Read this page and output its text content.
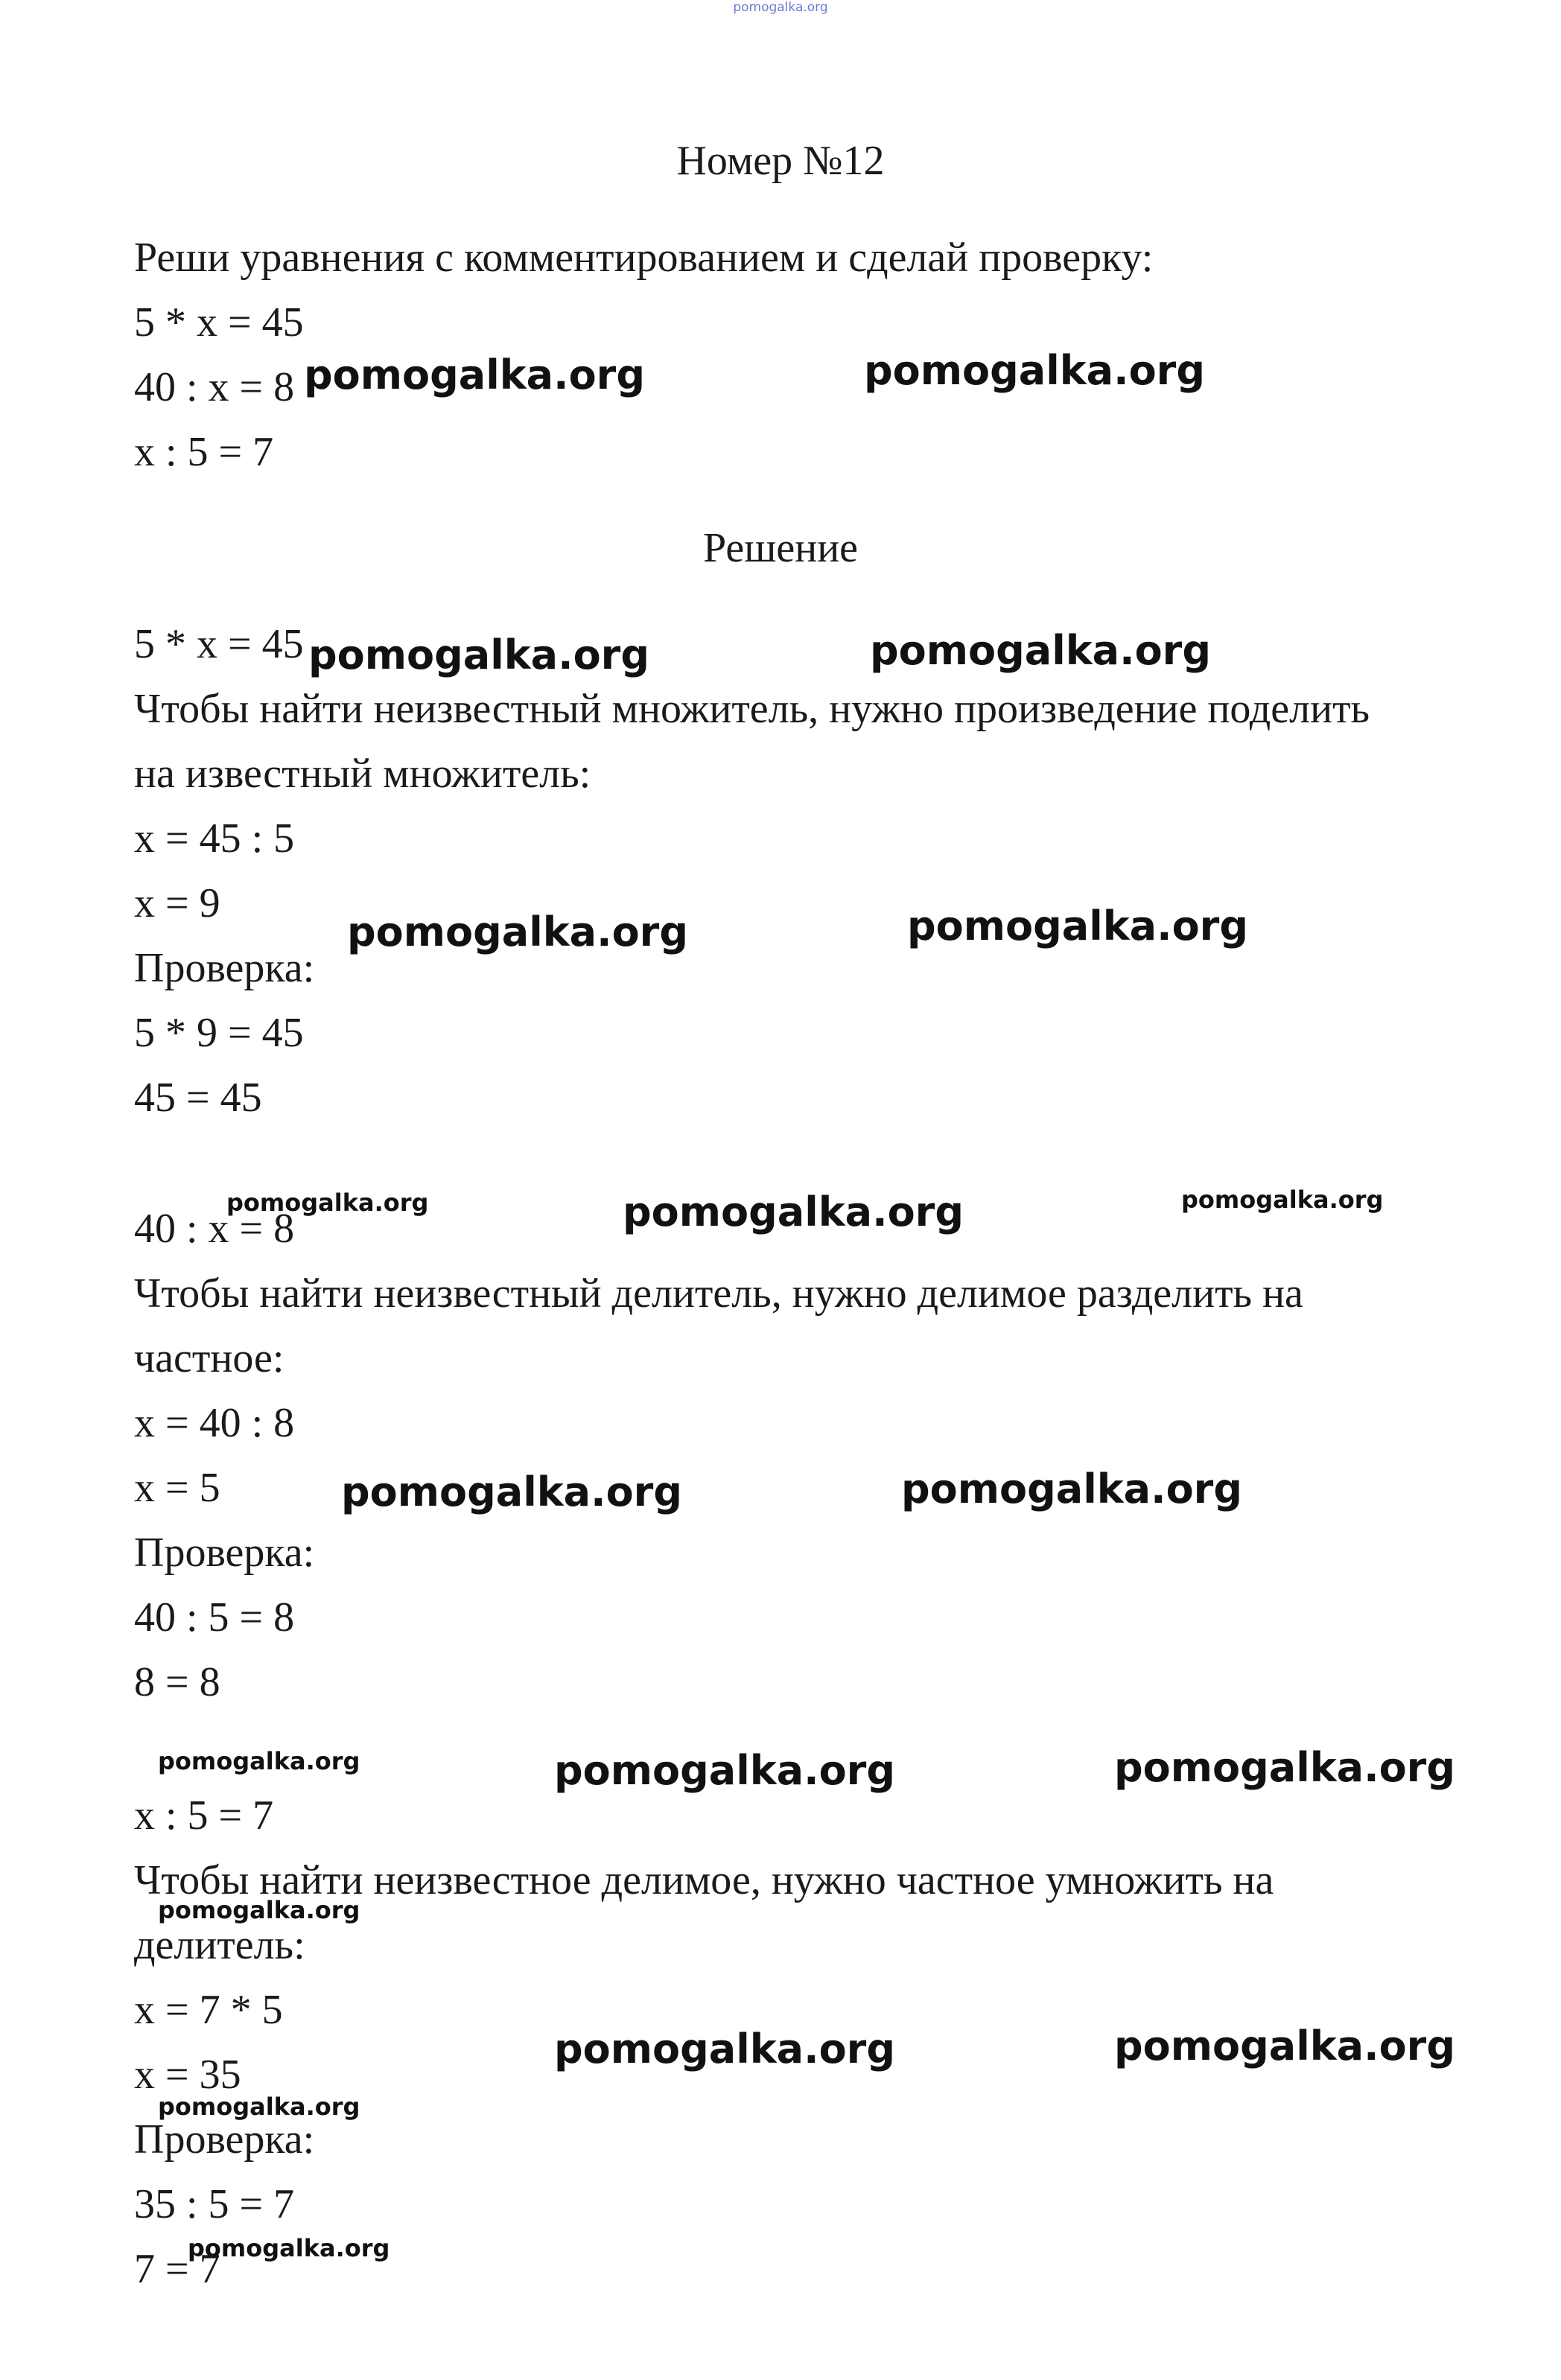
pomogalka.org

Номер №12

Реши уравнения с комментированием и сделай проверку:

5 * x = 45

40 : x = 8

x : 5 = 7

Решение

5 * x = 45

Чтобы найти неизвестный множитель, нужно произведение поделить

на известный множитель:

x = 45 : 5

x = 9

Проверка:

5 * 9 = 45

45 = 45

40 : x = 8

Чтобы найти неизвестный делитель, нужно делимое разделить на

частное:

x = 40 : 8

x = 5

Проверка:

40 : 5 = 8

8 = 8

x : 5 = 7

Чтобы найти неизвестное делимое, нужно частное умножить на

делитель:

x = 7 * 5

x = 35

Проверка:

35 : 5 = 7

7 = 7

pomogalka.org	pomogalka.org
pomogalka.org	pomogalka.org
pomogalka.org	pomogalka.org
pomogalka.org	pomogalka.org	pomogalka.org
pomogalka.org	pomogalka.org
pomogalka.org	pomogalka.org	pomogalka.org
pomogalka.org
pomogalka.org	pomogalka.org
pomogalka.org
pomogalka.org
